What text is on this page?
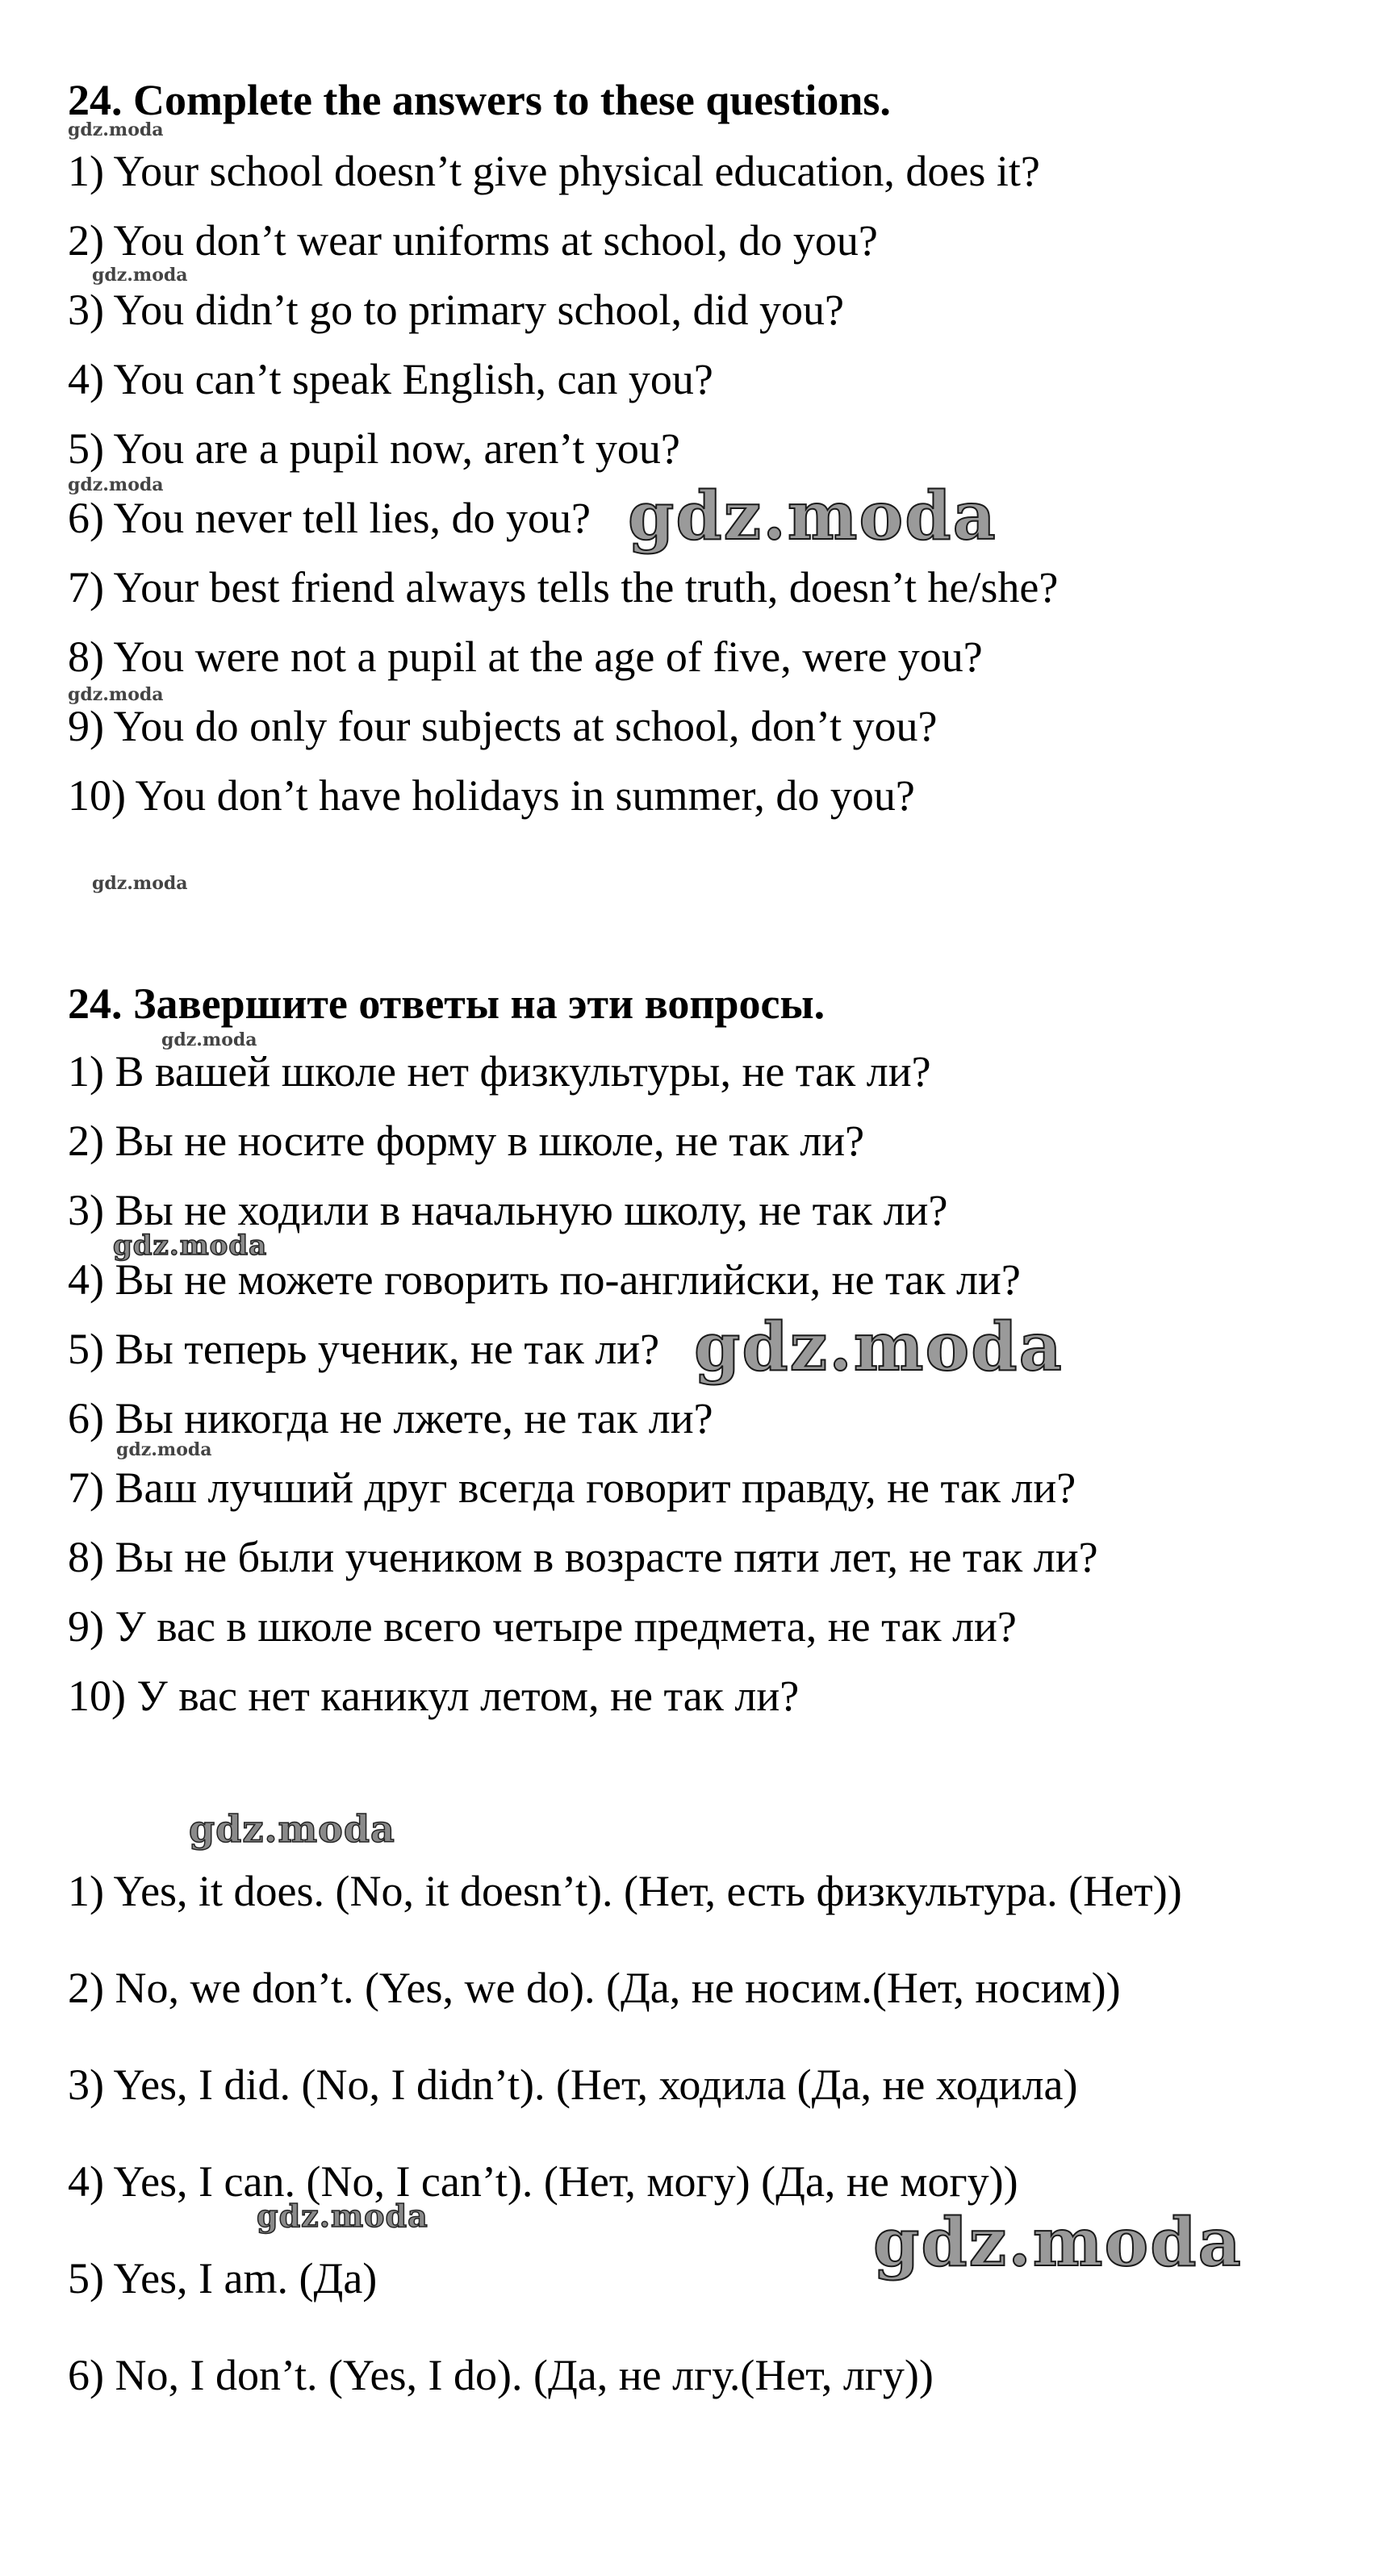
24. Complete the answers to these questions.
1) Your school doesn’t give physical education, does it?
2) You don’t wear uniforms at school, do you?
3) You didn’t go to primary school, did you?
4) You can’t speak English, can you?
5) You are a pupil now, aren’t you?
6) You never tell lies, do you?
7) Your best friend always tells the truth, doesn’t he/she?
8) You were not a pupil at the age of five, were you?
9) You do only four subjects at school, don’t you?
10) You don’t have holidays in summer, do you?
24. Завершите ответы на эти вопросы.
1) В вашей школе нет физкультуры, не так ли?
2) Вы не носите форму в школе, не так ли?
3) Вы не ходили в начальную школу, не так ли?
4) Вы не можете говорить по-английски, не так ли?
5) Вы теперь ученик, не так ли?
6) Вы никогда не лжете, не так ли?
7) Ваш лучший друг всегда говорит правду, не так ли?
8) Вы не были учеником в возрасте пяти лет, не так ли?
9) У вас в школе всего четыре предмета, не так ли?
10) У вас нет каникул летом, не так ли?
1) Yes, it does. (No, it doesn’t). (Нет, есть физкультура. (Нет))
2) No, we don’t. (Yes, we do). (Да, не носим.(Нет, носим))
3) Yes, I did. (No, I didn’t). (Нет, ходила (Да, не ходила)
4) Yes, I can. (No, I can’t). (Нет, могу) (Да, не могу))
5) Yes, I am. (Да)
6) No, I don’t. (Yes, I do). (Да, не лгу.(Нет, лгу))
gdz.moda
gdz.moda
gdz.moda
gdz.moda
gdz.moda
gdz.moda
gdz.moda
gdz.moda
gdz.moda
gdz.moda
gdz.moda
gdz.moda
gdz.moda
